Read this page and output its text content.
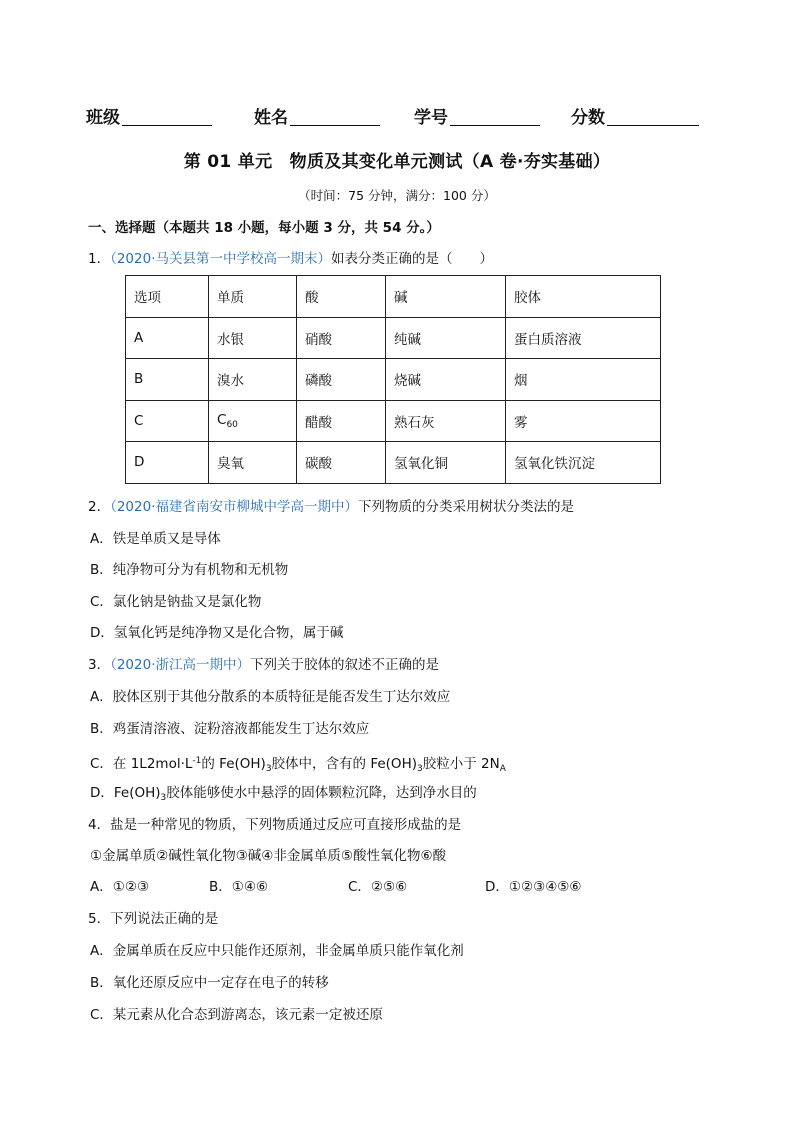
班级	姓名	学号	分数
第 01 单元　物质及其变化单元测试（A 卷·夯实基础）
（时间：75 分钟，满分：100 分）
一、选择题（本题共 18 小题，每小题 3 分，共 54 分。）
1．（2020·马关县第一中学校高一期末）如表分类正确的是（　　）
选项	单质	酸	碱	胶体
A	水银	硝酸	纯碱	蛋白质溶液
B	溴水	磷酸	烧碱	烟
C	$C_{60}$	醋酸	熟石灰	雾
D	臭氧	碳酸	氢氧化铜	氢氧化铁沉淀
2．（2020·福建省南安市柳城中学高一期中）下列物质的分类采用树状分类法的是
A．铁是单质又是导体
B．纯净物可分为有机物和无机物
C．氯化钠是钠盐又是氯化物
D．氢氧化钙是纯净物又是化合物，属于碱
3．（2020·浙江高一期中）下列关于胶体的叙述不正确的是
A．胶体区别于其他分散系的本质特征是能否发生丁达尔效应
B．鸡蛋清溶液、淀粉溶液都能发生丁达尔效应
C．在 $1L2mol\cdot L^{-1}$的 $Fe(OH)_3$胶体中，含有的 $Fe(OH)_3$胶粒小于 $2N_A$
D．$Fe(OH)_3$胶体能够使水中悬浮的固体颗粒沉降，达到净水目的
4．盐是一种常见的物质，下列物质通过反应可直接形成盐的是
①金属单质②碱性氧化物③碱④非金属单质⑤酸性氧化物⑥酸
A．①②③	B．①④⑥	C．②⑤⑥	D．①②③④⑤⑥
5．下列说法正确的是
A．金属单质在反应中只能作还原剂，非金属单质只能作氧化剂
B．氧化还原反应中一定存在电子的转移
C．某元素从化合态到游离态，该元素一定被还原
